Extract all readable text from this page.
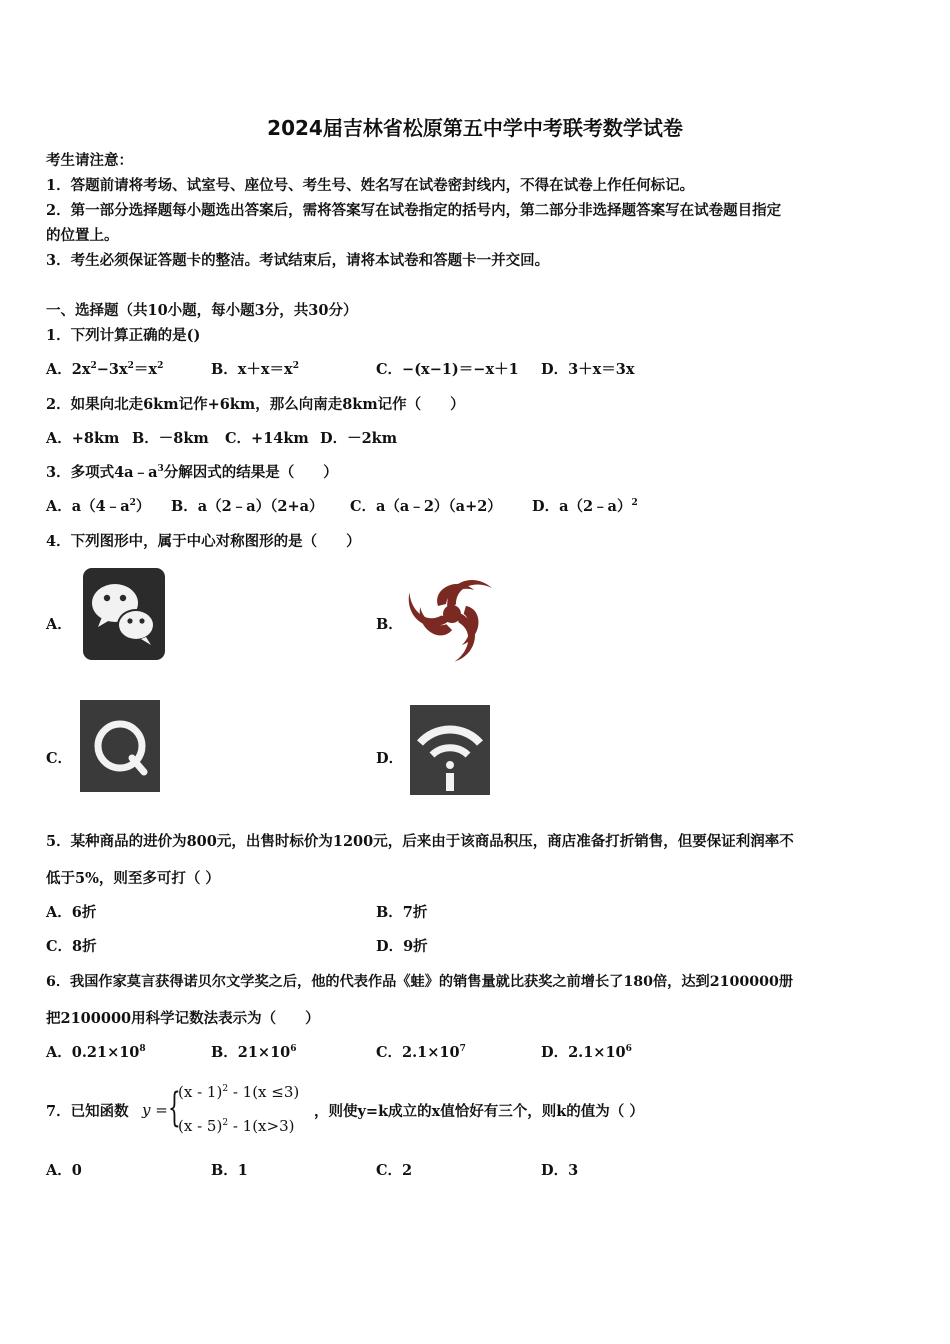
2024届吉林省松原第五中学中考联考数学试卷
考生请注意：
1．答题前请将考场、试室号、座位号、考生号、姓名写在试卷密封线内，不得在试卷上作任何标记。
2．第一部分选择题每小题选出答案后，需将答案写在试卷指定的括号内，第二部分非选择题答案写在试卷题目指定
的位置上。
3．考生必须保证答题卡的整洁。考试结束后，请将本试卷和答题卡一并交回。
一、选择题（共10小题，每小题3分，共30分）
1．下列计算正确的是()
A．$2x^2-3x^2=x^2$	B．$x+x=x^2$	C．−(x−1)＝−x＋1 D．3＋x＝3x
2．如果向北走6km记作+6km，那么向南走8km记作（　　）
A．+8km B．－8km C．+14km D．－2km
3．多项式$4a﹣a^3$分解因式的结果是（　　）
A．$a(4﹣a^2)$ B．a（2﹣a）（2+a） C．a（a﹣2）（a+2） D．a（2﹣a）$^2$
4．下列图形中，属于中心对称图形的是（　　）
A．	B．
C．	D．
5．某种商品的进价为800元，出售时标价为1200元，后来由于该商品积压，商店准备打折销售，但要保证利润率不
低于5%，则至多可打（ ）
A．6折	B．7折
C．8折	D．9折
6．我国作家莫言获得诺贝尔文学奖之后，他的代表作品《蛙》的销售量就比获奖之前增长了180倍，达到2100000册
把2100000用科学记数法表示为（　　）
A．$0.21\times 10^8$	B．$21\times 10^6$	C．$2.1\times 10^7$	D．$2.1\times 10^6$
7．已知函数 y = {
(x - 1)$^2$ - 1(x ≤3)
(x - 5)$^2$ - 1(x>3)
，则使y=k成立的x值恰好有三个，则k的值为（ ）
A．0	B．1	C．2	D．3
